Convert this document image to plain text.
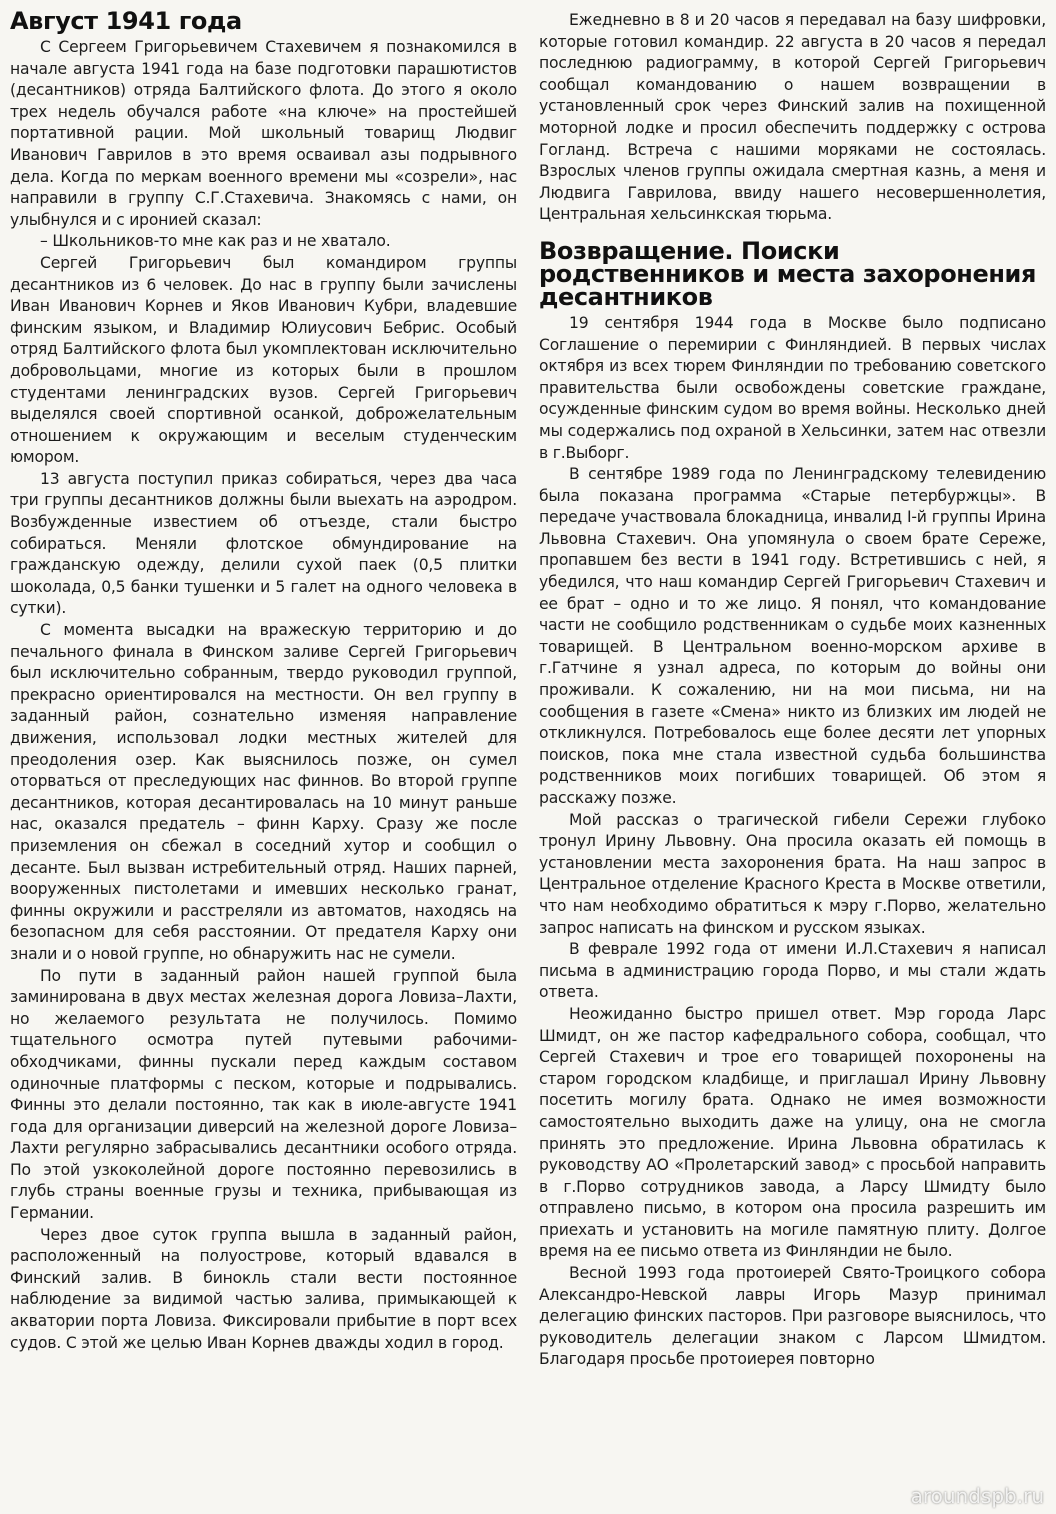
Август 1941 года

С Сергеем Григорьевичем Стахевичем я познакомился в начале августа 1941 года на базе подготовки парашютистов (десантников) отряда Балтийского флота. До этого я около трех недель обучался работе «на ключе» на простейшей портативной рации. Мой школьный товарищ Людвиг Иванович Гаврилов в это время осваивал азы подрывного дела. Когда по меркам военного времени мы «созрели», нас направили в группу С.Г.Стахевича. Знакомясь с нами, он улыбнулся и с иронией сказал:

– Школьников-то мне как раз и не хватало.

Сергей Григорьевич был командиром группы десантников из 6 человек. До нас в группу были зачислены Иван Иванович Корнев и Яков Иванович Кубри, владевшие финским языком, и Владимир Юлиусович Бебрис. Особый отряд Балтийского флота был укомплектован исключительно добровольцами, многие из которых были в прошлом студентами ленинградских вузов. Сергей Григорьевич выделялся своей спортивной осанкой, доброжелательным отношением к окружающим и веселым студенческим юмором.

13 августа поступил приказ собираться, через два часа три группы десантников должны были выехать на аэродром. Возбужденные известием об отъезде, стали быстро собираться. Меняли флотское обмундирование на гражданскую одежду, делили сухой паек (0,5 плитки шоколада, 0,5 банки тушенки и 5 галет на одного человека в сутки).

С момента высадки на вражескую территорию и до печального финала в Финском заливе Сергей Григорьевич был исключительно собранным, твердо руководил группой, прекрасно ориентировался на местности. Он вел группу в заданный район, сознательно изменяя направление движения, использовал лодки местных жителей для преодоления озер. Как выяснилось позже, он сумел оторваться от преследующих нас финнов. Во второй группе десантников, которая десантировалась на 10 минут раньше нас, оказался предатель – финн Карху. Сразу же после приземления он сбежал в соседний хутор и сообщил о десанте. Был вызван истребительный отряд. Наших парней, вооруженных пистолетами и имевших несколько гранат, финны окружили и расстреляли из автоматов, находясь на безопасном для себя расстоянии. От предателя Карху они знали и о новой группе, но обнаружить нас не сумели.

По пути в заданный район нашей группой была заминирована в двух местах железная дорога Ловиза–Лахти, но желаемого результата не получилось. Помимо тщательного осмотра путей путевыми рабочими-обходчиками, финны пускали перед каждым составом одиночные платформы с песком, которые и подрывались. Финны это делали постоянно, так как в июле-августе 1941 года для организации диверсий на железной дороге Ловиза–Лахти регулярно забрасывались десантники особого отряда. По этой узкоколейной дороге постоянно перевозились в глубь страны военные грузы и техника, прибывающая из Германии.

Через двое суток группа вышла в заданный район, расположенный на полуострове, который вдавался в Финский залив. В бинокль стали вести постоянное наблюдение за видимой частью залива, примыкающей к акватории порта Ловиза. Фиксировали прибытие в порт всех судов. С этой же целью Иван Корнев дважды ходил в город.

Ежедневно в 8 и 20 часов я передавал на базу шифровки, которые готовил командир. 22 августа в 20 часов я передал последнюю радиограмму, в которой Сергей Григорьевич сообщал командованию о нашем возвращении в установленный срок через Финский залив на похищенной моторной лодке и просил обеспечить поддержку с острова Гогланд. Встреча с нашими моряками не состоялась. Взрослых членов группы ожидала смертная казнь, а меня и Людвига Гаврилова, ввиду нашего несовершеннолетия, Центральная хельсинкская тюрьма.

Возвращение. Поиски родственников и места захоронения десантников

19 сентября 1944 года в Москве было подписано Соглашение о перемирии с Финляндией. В первых числах октября из всех тюрем Финляндии по требованию советского правительства были освобождены советские граждане, осужденные финским судом во время войны. Несколько дней мы содержались под охраной в Хельсинки, затем нас отвезли в г.Выборг.

В сентябре 1989 года по Ленинградскому телевидению была показана программа «Старые петербуржцы». В передаче участвовала блокадница, инвалид I-й группы Ирина Львовна Стахевич. Она упомянула о своем брате Сереже, пропавшем без вести в 1941 году. Встретившись с ней, я убедился, что наш командир Сергей Григорьевич Стахевич и ее брат – одно и то же лицо. Я понял, что командование части не сообщило родственникам о судьбе моих казненных товарищей. В Центральном военно-морском архиве в г.Гатчине я узнал адреса, по которым до войны они проживали. К сожалению, ни на мои письма, ни на сообщения в газете «Смена» никто из близких им людей не откликнулся. Потребовалось еще более десяти лет упорных поисков, пока мне стала известной судьба большинства родственников моих погибших товарищей. Об этом я расскажу позже.

Мой рассказ о трагической гибели Сережи глубоко тронул Ирину Львовну. Она просила оказать ей помощь в установлении места захоронения брата. На наш запрос в Центральное отделение Красного Креста в Москве ответили, что нам необходимо обратиться к мэру г.Порво, желательно запрос написать на финском и русском языках.

В феврале 1992 года от имени И.Л.Стахевич я написал письма в администрацию города Порво, и мы стали ждать ответа.

Неожиданно быстро пришел ответ. Мэр города Ларс Шмидт, он же пастор кафедрального собора, сообщал, что Сергей Стахевич и трое его товарищей похоронены на старом городском кладбище, и приглашал Ирину Львовну посетить могилу брата. Однако не имея возможности самостоятельно выходить даже на улицу, она не смогла принять это предложение. Ирина Львовна обратилась к руководству АО «Пролетарский завод» с просьбой направить в г.Порво сотрудников завода, а Ларсу Шмидту было отправлено письмо, в котором она просила разрешить им приехать и установить на могиле памятную плиту. Долгое время на ее письмо ответа из Финляндии не было.

Весной 1993 года протоиерей Свято-Троицкого собора Александро-Невской лавры Игорь Мазур принимал делегацию финских пасторов. При разговоре выяснилось, что руководитель делегации знаком с Ларсом Шмидтом. Благодаря просьбе протоиерея повторно

aroundspb.ru
